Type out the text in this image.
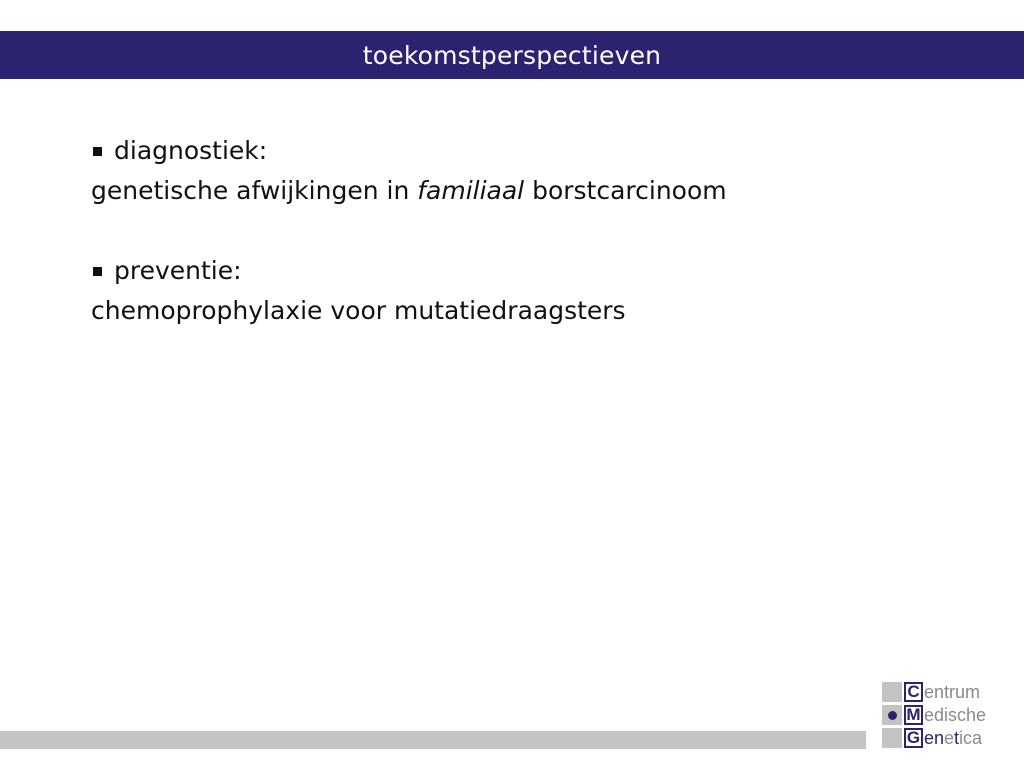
toekomstperspectieven
diagnostiek:
genetische afwijkingen in familiaal borstcarcinoom
preventie:
chemoprophylaxie voor mutatiedraagsters
C
M
G
entrum
edische
enetica
